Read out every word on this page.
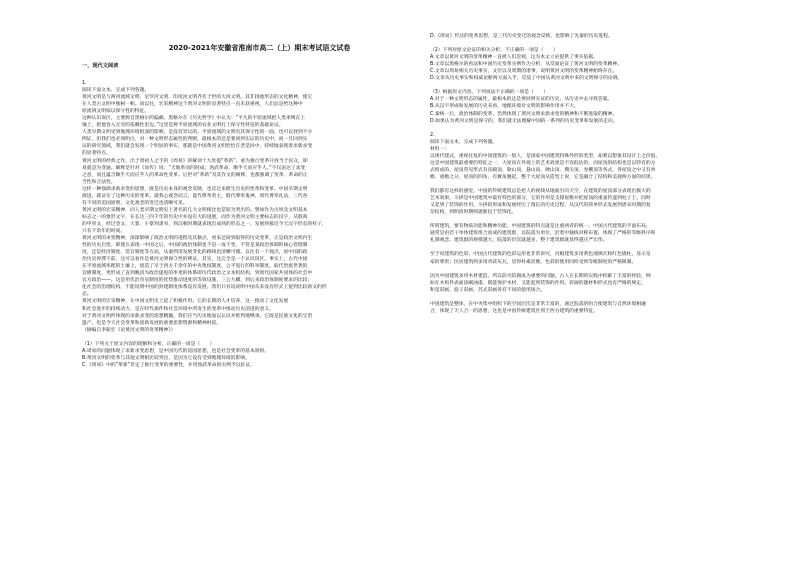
2020-2021年安徽省淮南市高二（上）期末考试语文试卷
一、现代文阅读

1.

阅读下面文本，完成下列各题。

黄河文明是与两河流域文明、尼罗河文明、印度河文明齐名于世的大河文明。其非排他形态的文化精神，使它

在人类古文明中独树一帜。而以往，宏采精神这个黄河文明的显著特点一直未获重视，人们总是给这种中

原流域文明拟以保守性的特征。

这种认识误区，主要源自黑格尔的偏颇。黑格尔在《历史哲学》中认为：“平凡的平原流域把人类束缚在土

壤上，把他卷入无穷的依赖性里边。”这里是将平原流域的农业文明打上保守性特征的基础论证。

人类早期文明受到地理环境很深的影响，是没有异议的。平原流域的文明有其保守性的一面，也可以找到不少

例证。但我们也必须明白，对一种文明形态属性的判断，最根本的还是要回到实证的历史中，而一旦回到实

证的研究领域，我们就会发现一个明显的事实，那就是中国黄河文明恰恰在老是回中，持续地表现着求新求变

的显著特点。

黄河文明的经典之作，出于周初人之手的《周易》的解词十九处提“革新”，重为推行变革开放当于民众，即

易就是为变通。解释是针对《易传》说：“天地革而四时成；汤武革命，顺乎天而应乎人。”不仅表达了求变

之意，而且蕴含顺乎天而应乎人的革命性变革。后世对“革新”及其作文的阐释，也都强调了变革、革命的正

当性和合法性。

这样一种强调求新求变的思想，既是历史本身的观念反映，也反过来催生历史的变革和变革。中国早期文明

演进，就证实了这种历史的变革。就我心观念而言，夏代尊奉者主，殷代尊奉鬼神，周代尊奉礼法，三代各

有不同的追国原则，文化观念的变迁也清晰可见。

黄河文明的宏采精神，同人类早期文明史上著名的几大文明相比也是较为突出的。譬如作为古埃及文明基本

标志之一的象形文字，在长达三四千年的历史中并没有大的进展，而作为黄河文明主要标志的汉字，从殷商

的甲骨文，经过金文、大篆、小篆到隶书，到汉朝时期就表现出成熟的形态之一，发展到接近今天汉字形态的样子，

只有千余年的时间。

黄河文明的求变精神，深深影响了政治文明的进程及其格点，看来还探到取得的历史变革，正是政治文明内生

性的历史启变。即使在表现一中国之后，中国的政治体制也不是一成不变，不管是某政治体制的核心管理制

度，还是经济制度、选官制度等方面，从秦到清发展变化的路线也清晰可循。以往有一个观点，说中国的政

治历史停滞不前，这可以看作是黄河文明保守性的例证。其实，这完全是一个认识误区。事实上，古代中国

在平原流域率理的土壤上，创造了早于西方千余年的中央集权制度、公平进行的科举制度。取代贵族世袭的

官僚制度，更形成了直到晚清为政治递进的率更的体系即历代政治之文本机结构，到周代国家共同体的社会中

官方政治——。这是用伏治帝皇制度的优势推动进度的等效设施、三公九卿，到后来政治体制度要求的比较；

化社会的治理结构，不能说明中国的封建制度体系没有发展。我们只有说说明中国从来没有形式上提到比较新文的形

态。

黄河文明的宏采精神，在中国文明史上起了积极作用。它的长期的人才培养，这一推动了文化发展

和社会进步的持续动力，是在时代条件和社会环境中所发生的变革中推动历史前进的意义。

对于黄河文明所体现的求新求变的思想精髓，我们应当历史地加以认识并批判地继承，它既是民族文化的宝贵

遗产，也是今天社会变革和创新发展的重要思想资源和精神财富。

（摘编自李振宏《论黄河文明的变革精神》）

（1）下列关于原文内容的理解和分析，正确的一项是（　　）

A.周易的问题体现了求新求变思想，是中国历代的追国思想，也是社会变革的基本原则。

B.黄河文明的变革与其他文明相比较突出，是因为它没有受到地理环境的影响。

C.《周易》中的“革新”肯定了推行变革的重要性，并用汤武革命的实例予以佐证。

D.《周易》传达的变革思想，是三代历史变迁的观念反映，也影响了先秦的历史进程。

（2）下列对原文论证的相关分析，不正确的一项是（　　）

A.文章以黄河文明的变革精神一直被人们忽视，这为本文立论提供了事实依据。

B.文章以黑格尔的看法和中国历史变革实例作为分析，从反面论证了黄河文明的变革精神。

C.文章以周易相关历史事实，文臣以及周期的诸事，说明黄河文明的变革精神始终存在。

D.文章从历史事实和权威论断两方面入手，反驳了中国从黄河文明中来的文明保守的论调。

（3）根据原文内容，下列说法不正确的一项是（　　）

A.对于一种文明形态的属性，最根本的还是要回到实证的历史，从历史中去寻找答案。

B.从汉字形成和发展的历史来看，地理环境对文明的影响作用并不大。

C.秦统一后，政治体制的变革，仍然体现了黄河文明求新求变的精神和不断进取的精神。

D.如果认为黄河文明是保守的，我们就无法理解中国的一系列的历史变革和发展的走向。

2.

阅读下面文本，完成下列各题。

材料一：

以规代建式，重视往复的中国建筑的一般人，是国家中国建筑特殊外形的类型，却难以想象其设计上之价值。

这是中国建筑最重要的特征之一，大屋顶在外观上的艺术效果是不容低估的，而屋顶的结构也是以特有的方

式组成的。屋顶常见形式有庑殿顶、歇山顶、悬山顶、硬山顶、攒尖顶、卷棚顶等各式，各屋顶之中又有单

檐、重檐之分，屋顶的四角，有翼角翘起，整个大屋顶从造型上说，它是融合了结构和美观两方面的结果。

我们都有这样的感觉，中国的传统建筑总是把人的视线从地面引向天空，在建筑的屋顶部分表现出极大的

艺术效果，斗拱是中国建筑中最有特色的部分，它的作用是支撑屋檐并把屋顶的重量传递到柱子上，同时

又起到了装饰的作用。斗拱的形成和发展经历了漫长的历史过程，从汉代的简单形式发展到唐宋时期的复

杂结构，到明清时期则逐渐趋于装饰化。

所谓建筑，要有物质功能和精神功能，中国建筑的特点就是注重两者的统一。中国古代建筑的平面布局，

通常是由若干单体建筑组合而成的建筑群，以院落为单位，沿着中轴线对称布置，体现了严格的等级秩序和

礼制观念。建筑群的规模越大，院落的层次就越多，整个建筑群就显得越庄严宏伟。

至于说建筑的色彩，中国古代建筑的色彩运用也非常讲究，宫殿建筑多用黄色琉璃瓦和红色墙柱，显示皇

家的尊贵；民居建筑则多用青砖灰瓦，显得朴素淡雅。色彩的使用同样受到等级制度的严格限制。

因为中国建筑多用木材建造，所以防火防腐成为重要的问题。古人在长期的实践中积累了丰富的经验，例

如在木构件表面涂刷油漆，既能保护木材，又能起到装饰的作用。彩画的题材和形式也有严格的规定，

和玺彩画、旋子彩画、苏式彩画各有不同的使用场合。

中国建筑是整体，在中央集中组织下的空间层次是非常丰富的，通过院落的组合使建筑与自然环境相融

合，体现了天人合一的思想，这也是中国传统建筑区别于西方建筑的重要特征。
